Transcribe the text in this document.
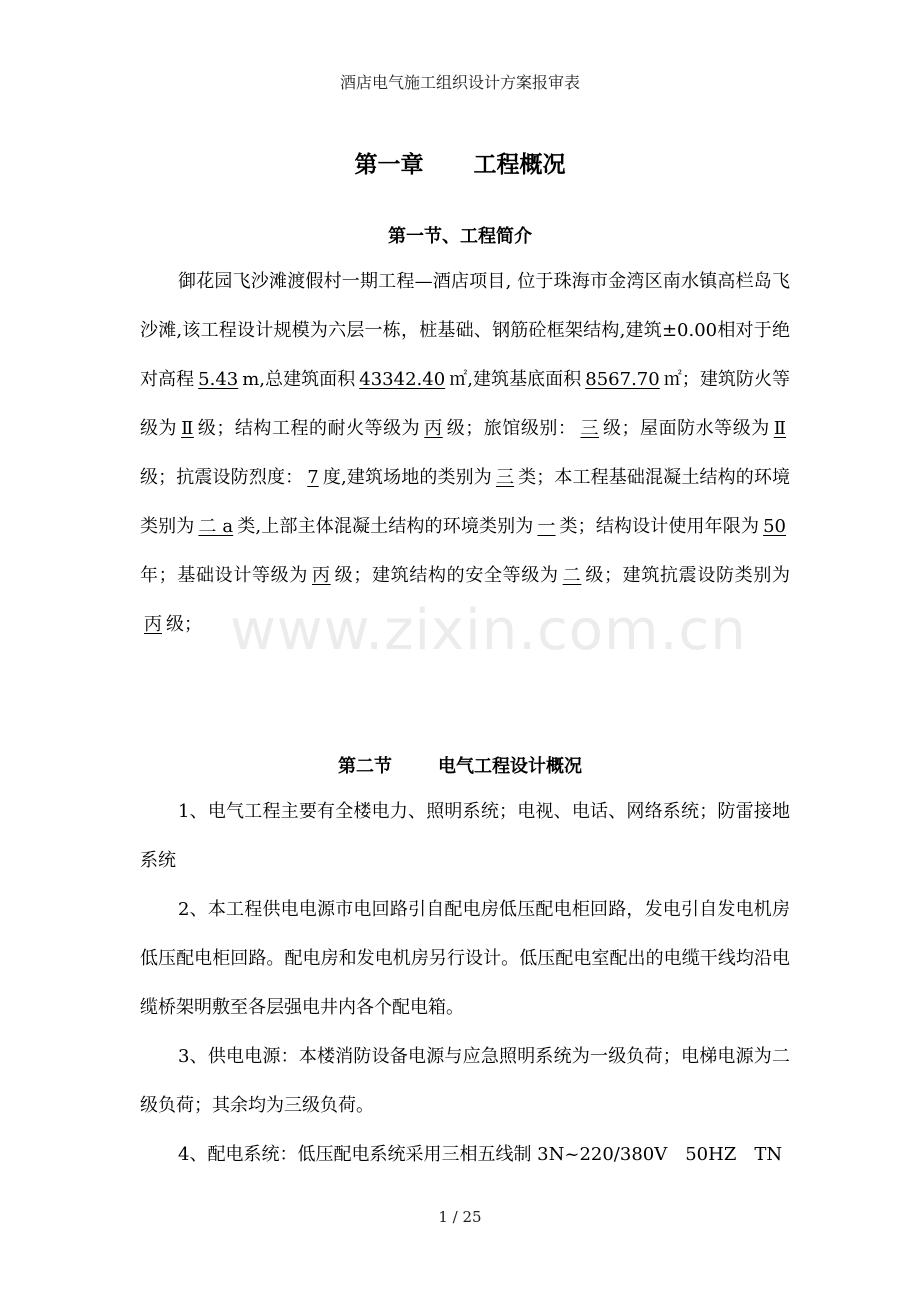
酒店电气施工组织设计方案报审表
第一章 工程概况
第一节、工程简介

御花园飞沙滩渡假村一期工程—酒店项目, 位于珠海市金湾区南水镇高栏岛飞沙滩,该工程设计规模为六层一栋，桩基础、钢筋砼框架结构,建筑±0.00相对于绝对高程 5.43 m,总建筑面积 43342.40 ㎡,建筑基底面积 8567.70 ㎡；建筑防火等级为 Ⅱ 级；结构工程的耐火等级为 丙 级；旅馆级别： 三 级；屋面防水等级为 Ⅱ级；抗震设防烈度： 7 度,建筑场地的类别为 三 类；本工程基础混凝土结构的环境类别为 二 a 类,上部主体混凝土结构的环境类别为 一 类；结构设计使用年限为 50年；基础设计等级为 丙 级；建筑结构的安全等级为 二 级；建筑抗震设防类别为丙 级；

第二节	电气工程设计概况

1、电气工程主要有全楼电力、照明系统；电视、电话、网络系统；防雷接地系统

2、本工程供电电源市电回路引自配电房低压配电柜回路，发电引自发电机房低压配电柜回路。配电房和发电机房另行设计。低压配电室配出的电缆干线均沿电缆桥架明敷至各层强电井内各个配电箱。

3、供电电源：本楼消防设备电源与应急照明系统为一级负荷；电梯电源为二级负荷；其余均为三级负荷。

4、配电系统：低压配电系统采用三相五线制 3N~220/380V　50HZ　TN

www.zixin.com.cn
1 / 25
